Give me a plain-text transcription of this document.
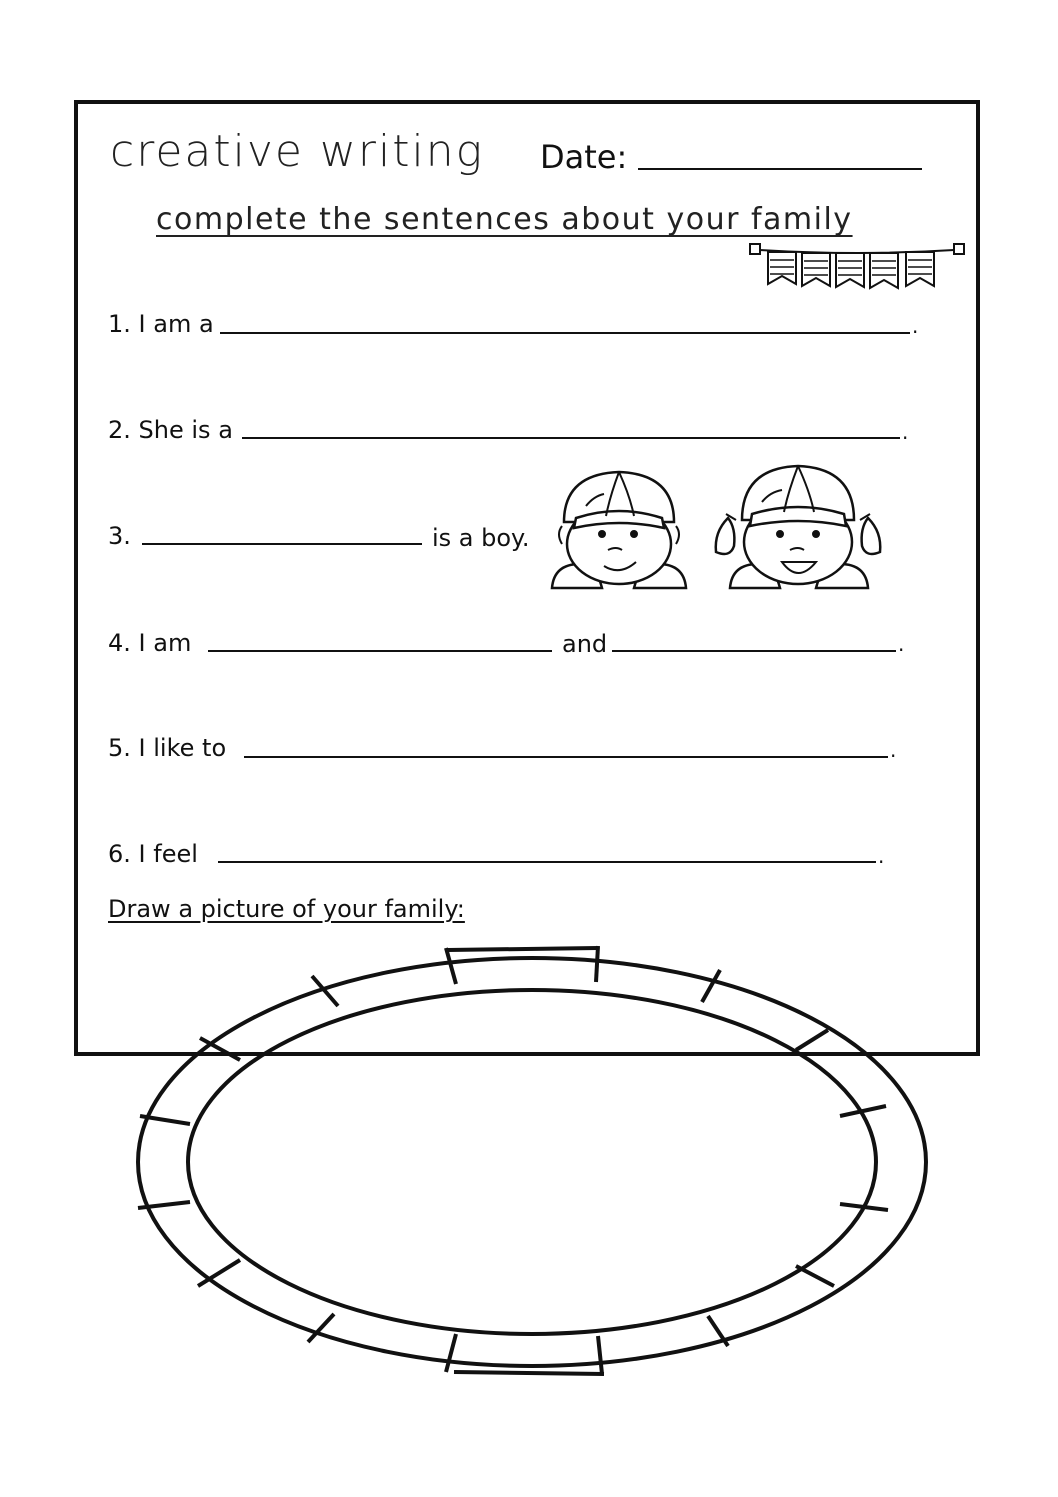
creative writing Date:
complete the sentences about your family
1. I am a	.
2. She is a	.
3.	is a boy.
4. I am	and	.
5. I like to	.
6. I feel	.
Draw a picture of your family:
